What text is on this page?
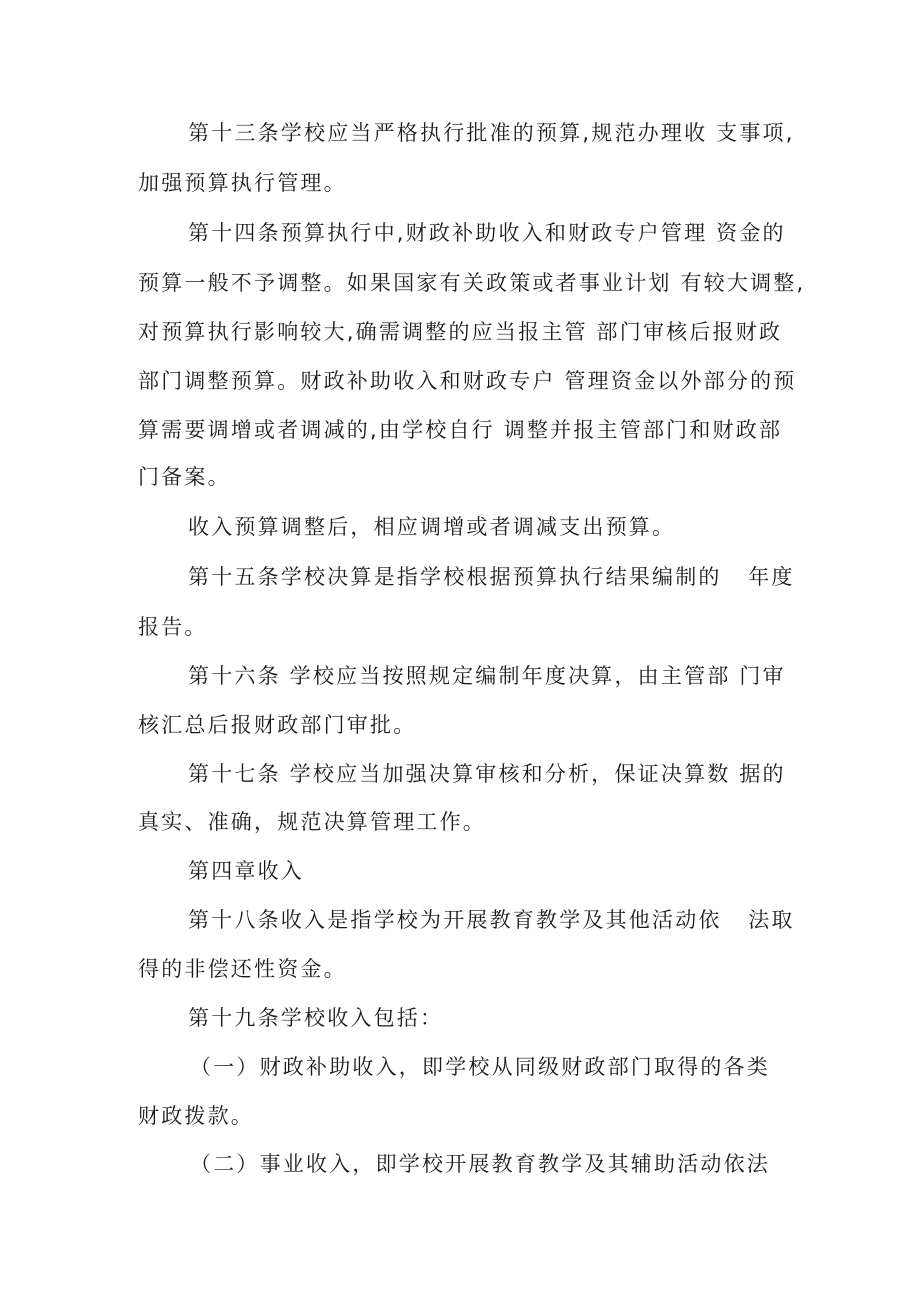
第十三条学校应当严格执行批准的预算,规范办理收 支事项,
加强预算执行管理。
第十四条预算执行中,财政补助收入和财政专户管理 资金的
预算一般不予调整。如果国家有关政策或者事业计划 有较大调整,
对预算执行影响较大,确需调整的应当报主管 部门审核后报财政
部门调整预算。财政补助收入和财政专户 管理资金以外部分的预
算需要调增或者调减的,由学校自行 调整并报主管部门和财政部
门备案。
收入预算调整后，相应调增或者调减支出预算。
第十五条学校决算是指学校根据预算执行结果编制的   年度
报告。
第十六条 学校应当按照规定编制年度决算，由主管部 门审
核汇总后报财政部门审批。
第十七条 学校应当加强决算审核和分析，保证决算数 据的
真实、准确，规范决算管理工作。
第四章收入
第十八条收入是指学校为开展教育教学及其他活动依   法取
得的非偿还性资金。
第十九条学校收入包括：
（一）财政补助收入，即学校从同级财政部门取得的各类
财政拨款。
（二）事业收入，即学校开展教育教学及其辅助活动依法
